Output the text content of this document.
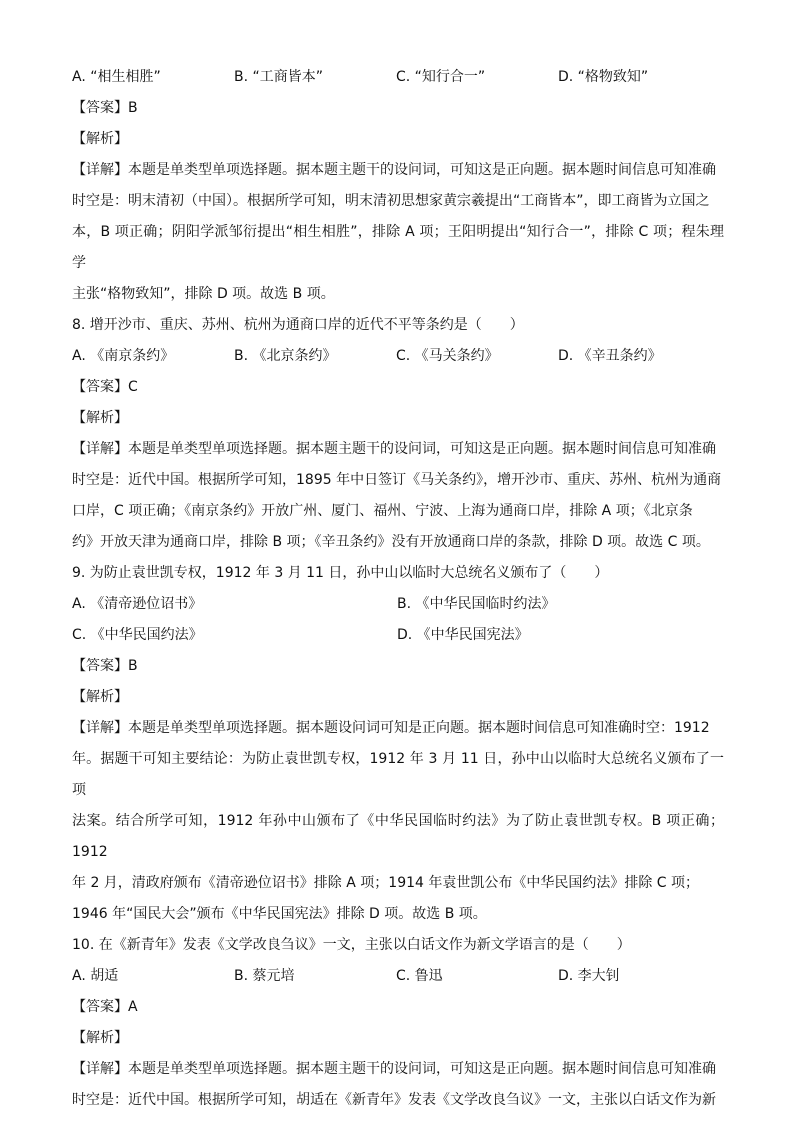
A. “相生相胜”	B. “工商皆本”	C. “知行合一”	D. “格物致知”
【答案】B
【解析】

【详解】本题是单类型单项选择题。据本题主题干的设问词，可知这是正向题。据本题时间信息可知准确

时空是：明末清初（中国）。根据所学可知，明末清初思想家黄宗羲提出“工商皆本”，即工商皆为立国之

本，B 项正确；阴阳学派邹衍提出“相生相胜”，排除 A 项；王阳明提出“知行合一”，排除 C 项；程朱理学

主张“格物致知”，排除 D 项。故选 B 项。

8. 增开沙市、重庆、苏州、杭州为通商口岸的近代不平等条约是（　　）
A. 《南京条约》	B. 《北京条约》	C. 《马关条约》	D. 《辛丑条约》
【答案】C
【解析】

【详解】本题是单类型单项选择题。据本题主题干的设问词，可知这是正向题。据本题时间信息可知准确

时空是：近代中国。根据所学可知，1895 年中日签订《马关条约》，增开沙市、重庆、苏州、杭州为通商

口岸，C 项正确；《南京条约》开放广州、厦门、福州、宁波、上海为通商口岸，排除 A 项；《北京条

约》开放天津为通商口岸，排除 B 项；《辛丑条约》没有开放通商口岸的条款，排除 D 项。故选 C 项。

9. 为防止袁世凯专权，1912 年 3 月 11 日，孙中山以临时大总统名义颁布了（　　）
A. 《清帝逊位诏书》	B. 《中华民国临时约法》
C. 《中华民国约法》	D. 《中华民国宪法》
【答案】B
【解析】

【详解】本题是单类型单项选择题。据本题设问词可知是正向题。据本题时间信息可知准确时空：1912

年。据题干可知主要结论：为防止袁世凯专权，1912 年 3 月 11 日，孙中山以临时大总统名义颁布了一项

法案。结合所学可知，1912 年孙中山颁布了《中华民国临时约法》为了防止袁世凯专权。B 项正确；1912

年 2 月，清政府颁布《清帝逊位诏书》排除 A 项；1914 年袁世凯公布《中华民国约法》排除 C 项；

1946 年“国民大会”颁布《中华民国宪法》排除 D 项。故选 B 项。

10. 在《新青年》发表《文学改良刍议》一文，主张以白话文作为新文学语言的是（　　）
A. 胡适	B. 蔡元培	C. 鲁迅	D. 李大钊
【答案】A
【解析】

【详解】本题是单类型单项选择题。据本题主题干的设问词，可知这是正向题。据本题时间信息可知准确

时空是：近代中国。根据所学可知，胡适在《新青年》发表《文学改良刍议》一文，主张以白话文作为新
